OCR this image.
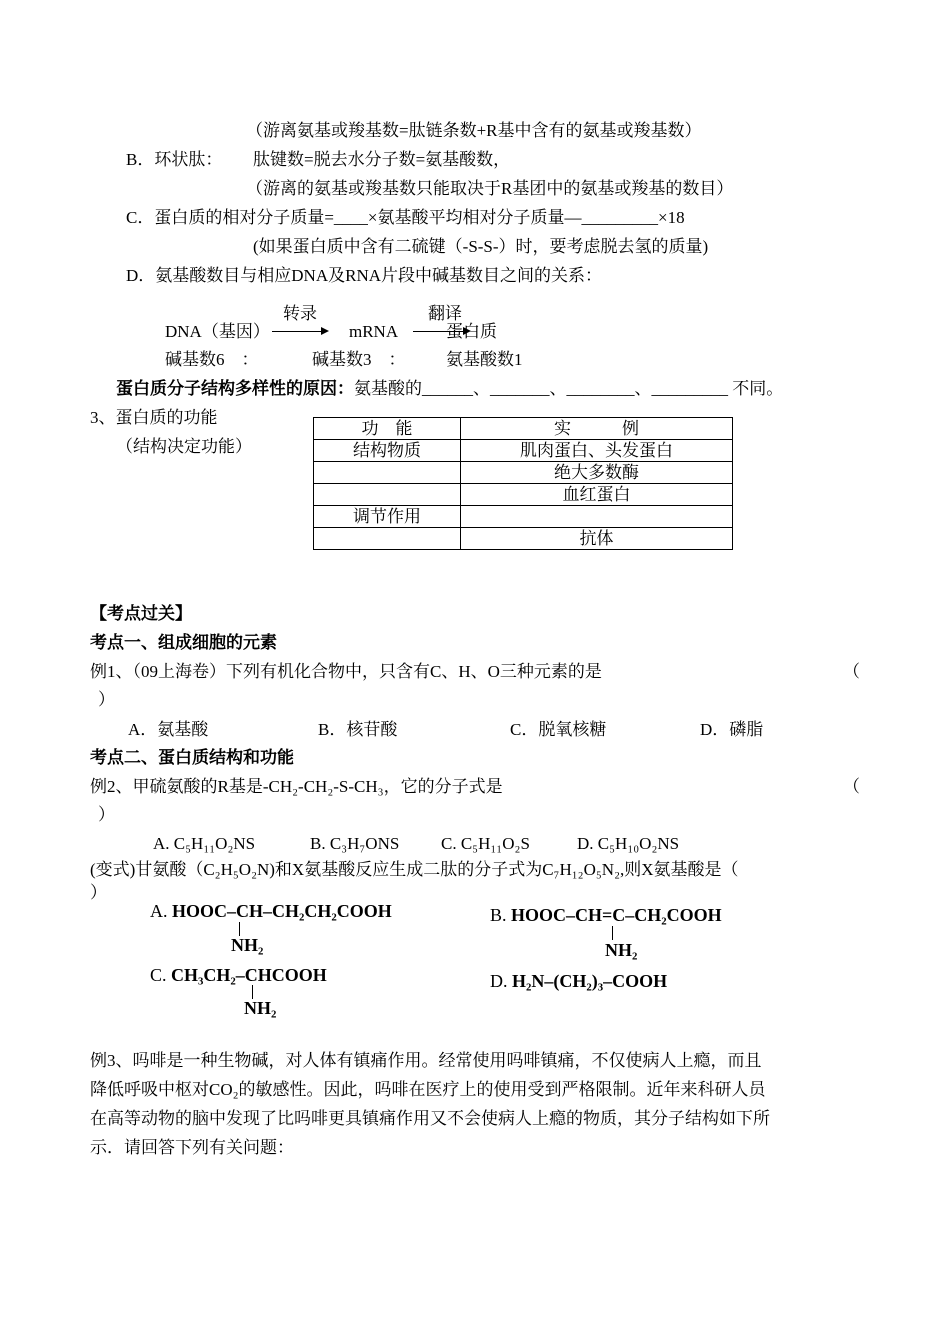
（游离氨基或羧基数=肽链条数+R基中含有的氨基或羧基数）
B．环状肽： 肽键数=脱去水分子数=氨基酸数，
（游离的氨基或羧基数只能取决于R基团中的氨基或羧基的数目）
C．蛋白质的相对分子质量=____×氨基酸平均相对分子质量—_________×18
(如果蛋白质中含有二硫键（-S-S-）时，要考虑脱去氢的质量)
D．氨基酸数目与相应DNA及RNA片段中碱基数目之间的关系：
转录	翻译
DNA（基因）	mRNA	蛋白质
碱基数6　：	碱基数3　： 氨基酸数1
蛋白质分子结构多样性的原因：氨基酸的______、_______、________、_________ 不同。
3、蛋白质的功能
（结构决定功能）
功　能	实　　　例
结构物质	肌肉蛋白、头发蛋白
	绝大多数酶
	血红蛋白
调节作用	
	抗体
【考点过关】
考点一、组成细胞的元素
例1、（09上海卷）下列有机化合物中，只含有C、H、O三种元素的是	（
）
A．氨基酸	B．核苷酸	C．脱氧核糖	D．磷脂
考点二、蛋白质结构和功能
例2、甲硫氨酸的R基是-CH₂-CH₂-S-CH₃，它的分子式是	（
）
A. C₅H₁₁O₂NS	B. C₃H₇ONS C. C₅H₁₁O₂S	D. C₅H₁₀O₂NS
(变式)甘氨酸（C₂H₅O₂N)和X氨基酸反应生成二肽的分子式为C₇H₁₂O₅N₂,则X氨基酸是（
）
A. HOOC–CH–CH₂CH₂COOH
NH₂
B. HOOC–CH=C–CH₂COOH
NH₂
C. CH₃CH₂–CHCOOH
NH₂
D. H₂N–(CH₂)₃–COOH
例3、吗啡是一种生物碱，对人体有镇痛作用。经常使用吗啡镇痛，不仅使病人上瘾，而且
降低呼吸中枢对CO₂的敏感性。因此，吗啡在医疗上的使用受到严格限制。近年来科研人员
在高等动物的脑中发现了比吗啡更具镇痛作用又不会使病人上瘾的物质，其分子结构如下所
示．请回答下列有关问题：
